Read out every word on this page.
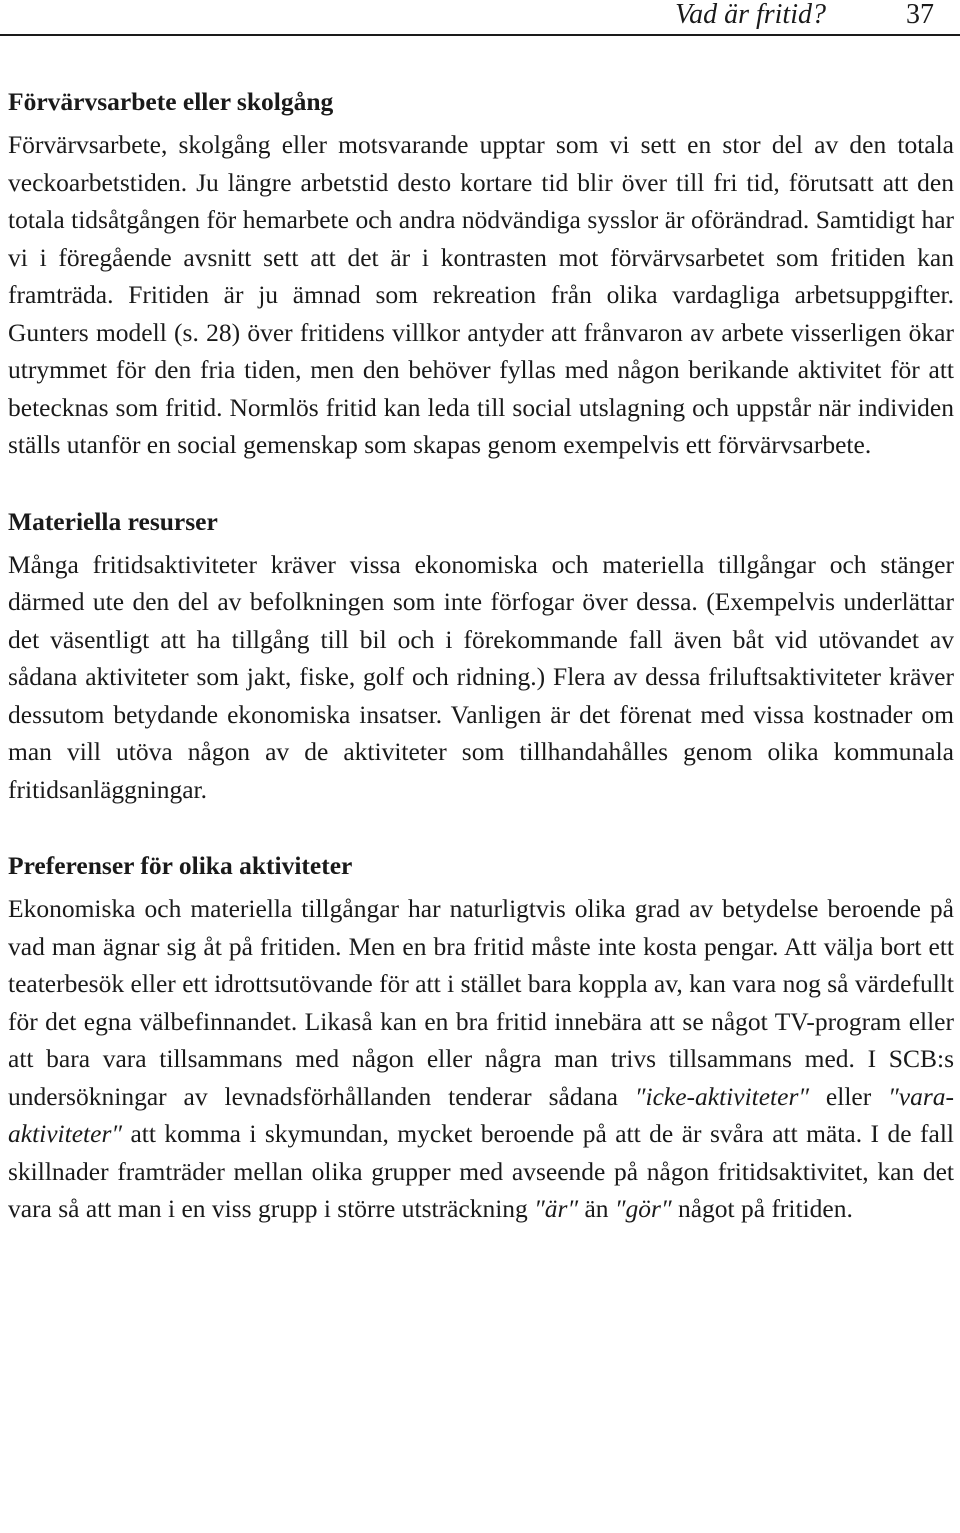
Vad är fritid?	37
Förvärvsarbete eller skolgång

Förvärvsarbete, skolgång eller motsvarande upptar som vi sett en stor del av den totala veckoarbetstiden. Ju längre arbetstid desto kortare tid blir över till fri tid, förutsatt att den totala tidsåtgången för hemarbete och andra nödvändiga sysslor är oförändrad. Samtidigt har vi i föregående avsnitt sett att det är i kontrasten mot förvärvsarbetet som fritiden kan framträda. Fritiden är ju ämnad som rekreation från olika vardagliga arbetsuppgifter. Gunters modell (s. 28) över fritidens villkor antyder att frånvaron av arbete visserligen ökar utrymmet för den fria tiden, men den behöver fyllas med någon berikande aktivitet för att betecknas som fritid. Normlös fritid kan leda till social utslagning och uppstår när individen ställs utanför en social gemenskap som skapas genom exempelvis ett förvärvsarbete.

Materiella resurser

Många fritidsaktiviteter kräver vissa ekonomiska och materiella tillgångar och stänger därmed ute den del av befolkningen som inte förfogar över dessa. (Exempelvis underlättar det väsentligt att ha tillgång till bil och i förekommande fall även båt vid utövandet av sådana aktiviteter som jakt, fiske, golf och ridning.) Flera av dessa friluftsaktiviteter kräver dessutom betydande ekonomiska insatser. Vanligen är det förenat med vissa kostnader om man vill utöva någon av de aktiviteter som tillhandahålles genom olika kommunala fritidsanläggningar.

Preferenser för olika aktiviteter

Ekonomiska och materiella tillgångar har naturligtvis olika grad av betydelse beroende på vad man ägnar sig åt på fritiden. Men en bra fritid måste inte kosta pengar. Att välja bort ett teaterbesök eller ett idrottsutövande för att i stället bara koppla av, kan vara nog så värdefullt för det egna välbefinnandet. Likaså kan en bra fritid innebära att se något TV-program eller att bara vara tillsammans med någon eller några man trivs tillsammans med. I SCB:s undersökningar av levnadsförhållanden tenderar sådana ″icke-aktiviteter″ eller ″vara-aktiviteter″ att komma i skymundan, mycket beroende på att de är svåra att mäta. I de fall skillnader framträder mellan olika grupper med avseende på någon fritidsaktivitet, kan det vara så att man i en viss grupp i större utsträckning ″är″ än ″gör″ något på fritiden.
